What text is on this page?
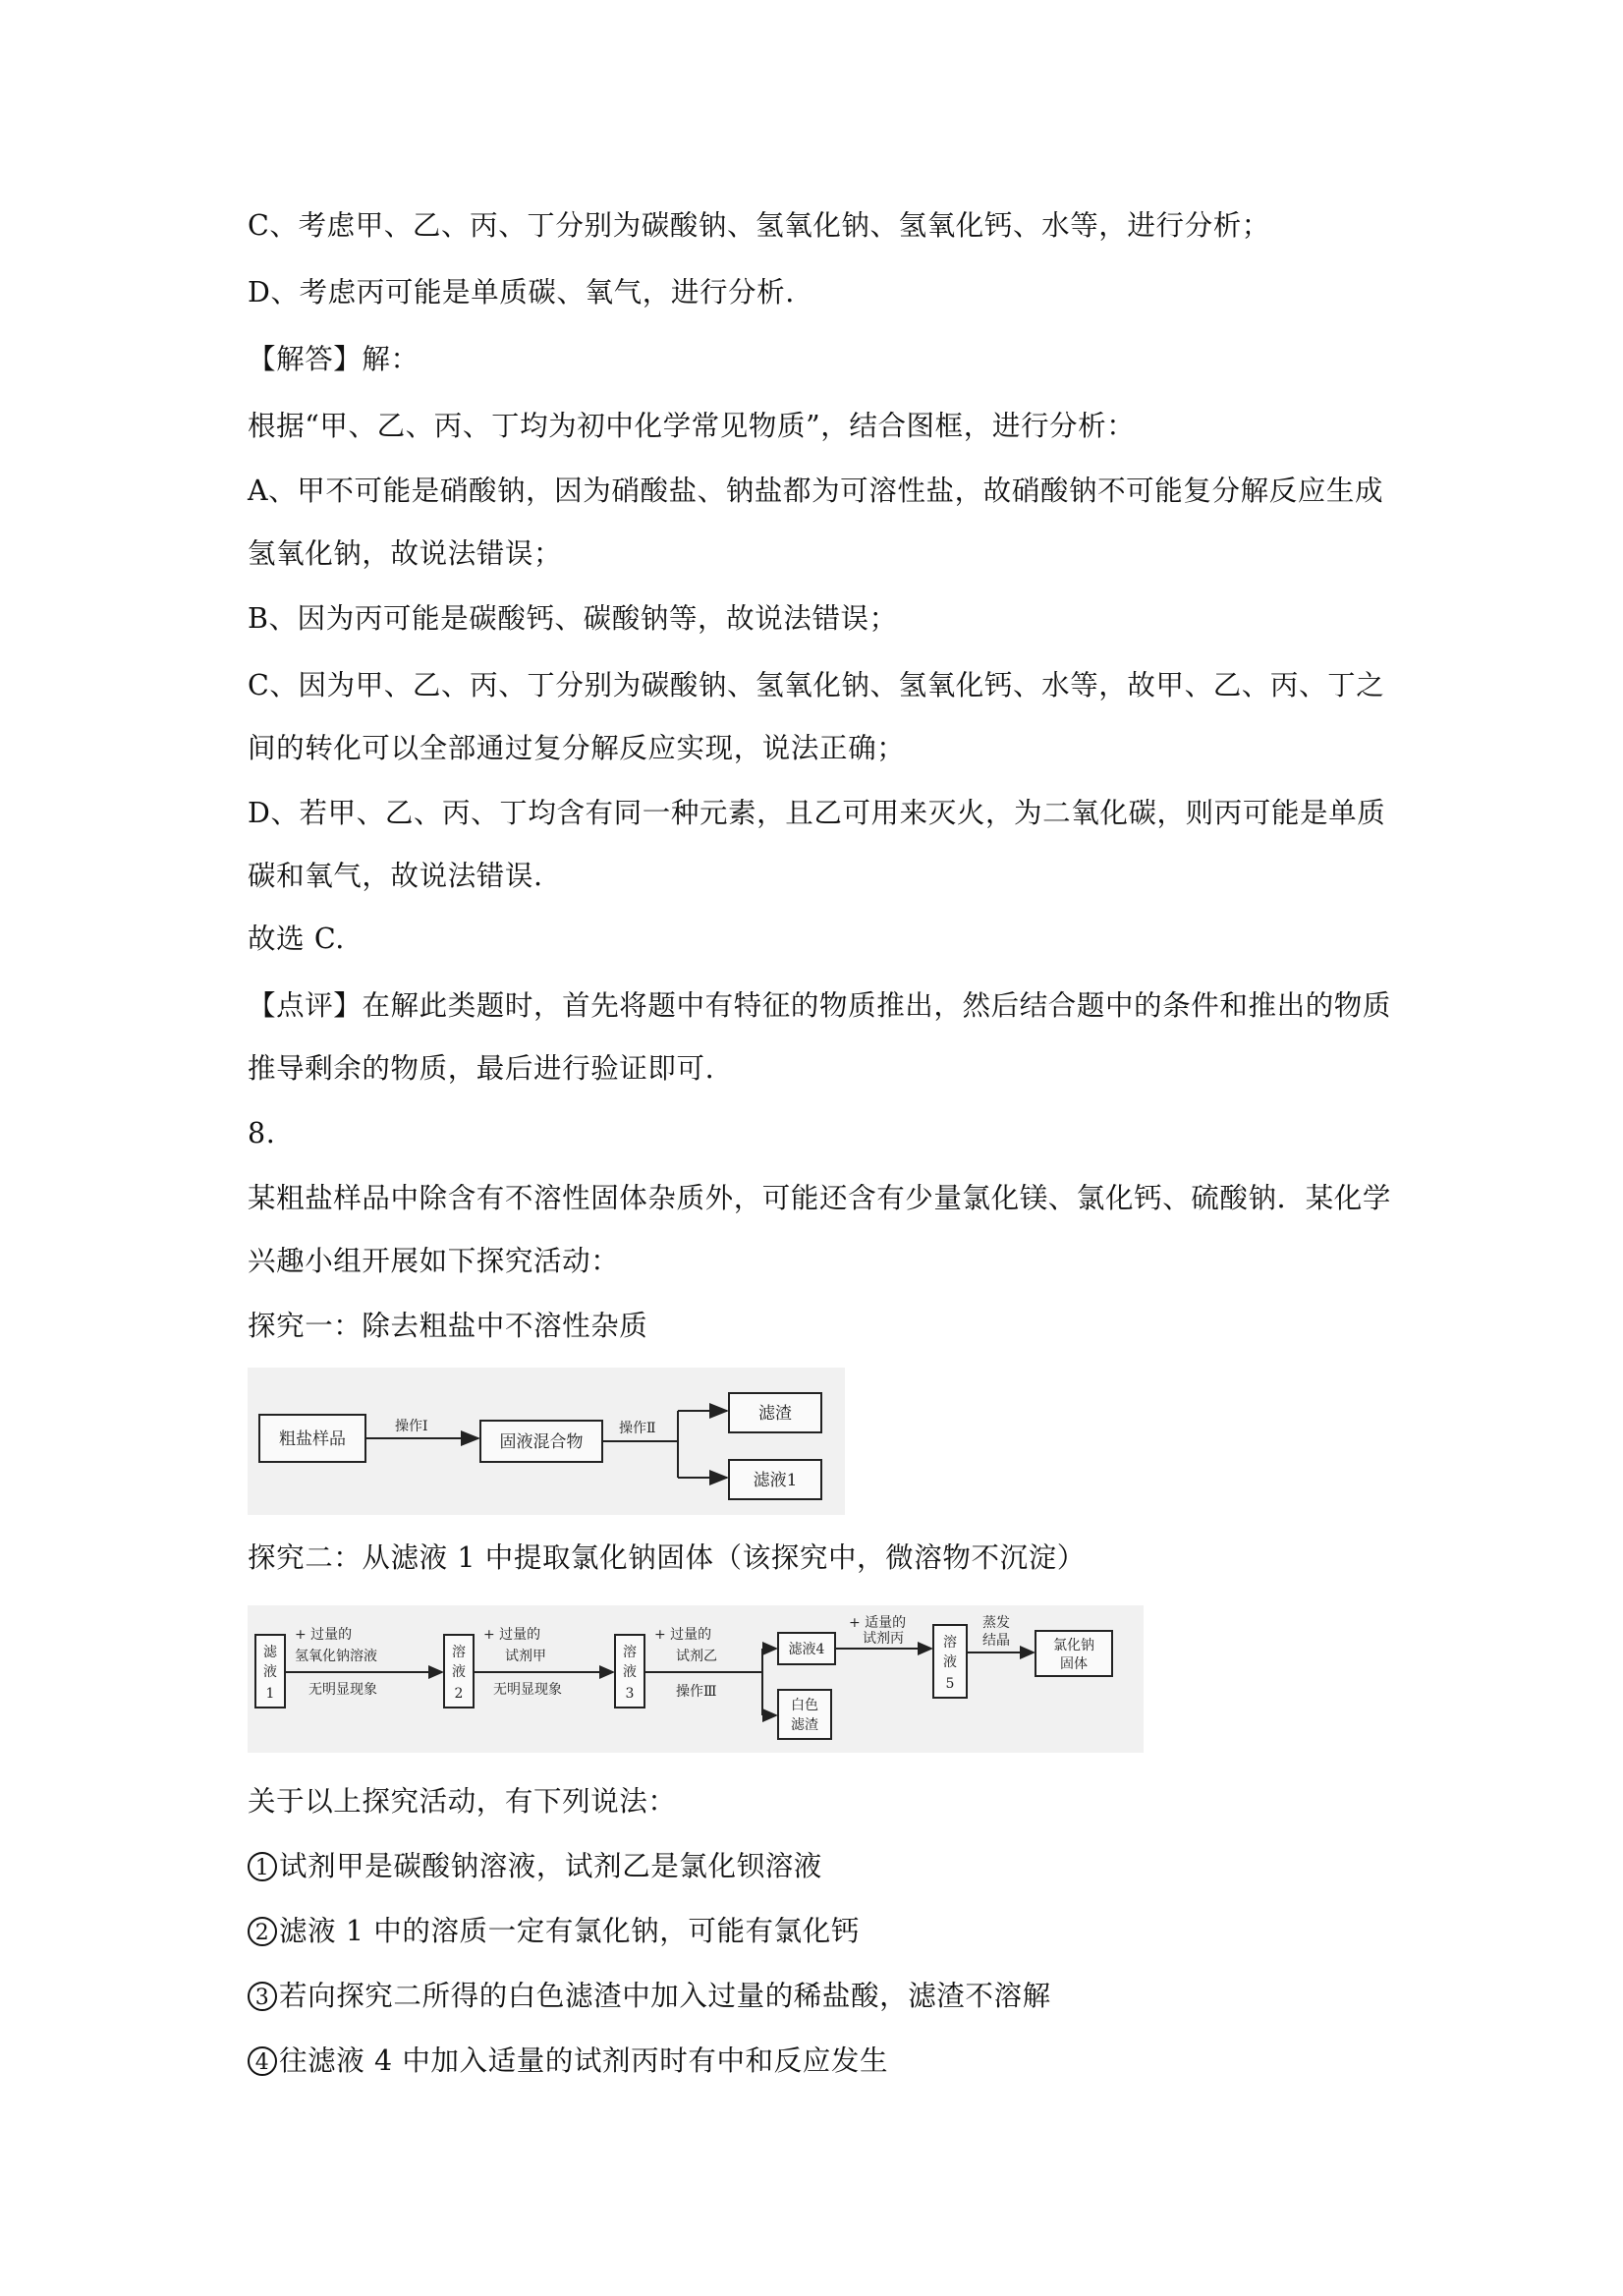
C、考虑甲、乙、丙、丁分别为碳酸钠、氢氧化钠、氢氧化钙、水等，进行分析；
D、考虑丙可能是单质碳、氧气，进行分析.
【解答】解：
根据“甲、乙、丙、丁均为初中化学常见物质”，结合图框，进行分析：
A、甲不可能是硝酸钠，因为硝酸盐、钠盐都为可溶性盐，故硝酸钠不可能复分解反应生成
氢氧化钠，故说法错误；
B、因为丙可能是碳酸钙、碳酸钠等，故说法错误；
C、因为甲、乙、丙、丁分别为碳酸钠、氢氧化钠、氢氧化钙、水等，故甲、乙、丙、丁之
间的转化可以全部通过复分解反应实现，说法正确；
D、若甲、乙、丙、丁均含有同一种元素，且乙可用来灭火，为二氧化碳，则丙可能是单质
碳和氧气，故说法错误.
故选 C.
【点评】在解此类题时，首先将题中有特征的物质推出，然后结合题中的条件和推出的物质
推导剩余的物质，最后进行验证即可.
8.
某粗盐样品中除含有不溶性固体杂质外，可能还含有少量氯化镁、氯化钙、硫酸钠．某化学
兴趣小组开展如下探究活动：
探究一：除去粗盐中不溶性杂质
粗盐样品
操作Ⅰ
固液混合物
操作Ⅱ
滤渣
滤液1
探究二：从滤液 1 中提取氯化钠固体（该探究中，微溶物不沉淀）
滤
液
1
+ 过量的
氢氧化钠溶液
无明显现象
溶
液
2
+ 过量的
试剂甲
无明显现象
溶
液
3
+ 过量的
试剂乙
操作Ⅲ
滤液4
白色
滤渣
+ 适量的
试剂丙	溶
液
5
蒸发
结晶	氯化钠
固体
关于以上探究活动，有下列说法：
1 试剂甲是碳酸钠溶液，试剂乙是氯化钡溶液
2 滤液 1 中的溶质一定有氯化钠，可能有氯化钙
3 若向探究二所得的白色滤渣中加入过量的稀盐酸，滤渣不溶解
4 往滤液 4 中加入适量的试剂丙时有中和反应发生
